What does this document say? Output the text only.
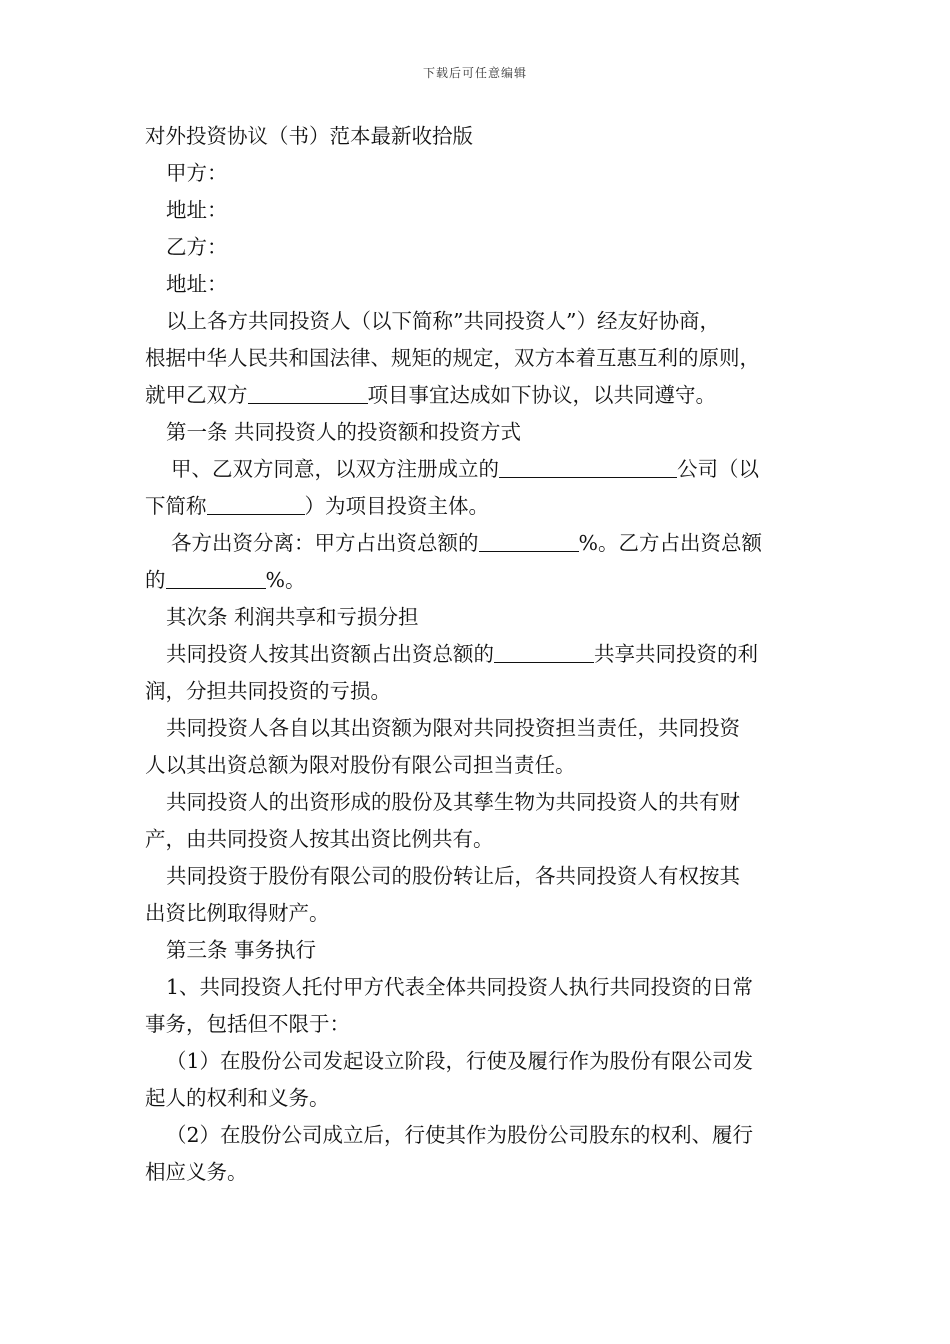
下载后可任意编辑

对外投资协议（书）范本最新收拾版

甲方：

地址：

乙方：

地址：

以上各方共同投资人（以下简称”共同投资人”）经友好协商，

根据中华人民共和国法律、规矩的规定，双方本着互惠互利的原则，

就甲乙双方	项目事宜达成如下协议，以共同遵守。

第一条 共同投资人的投资额和投资方式

甲、乙双方同意，以双方注册成立的	公司（以

下简称	）为项目投资主体。

各方出资分离：甲方占出资总额的	%。乙方占出资总额

的	%。

其次条 利润共享和亏损分担

共同投资人按其出资额占出资总额的	共享共同投资的利

润，分担共同投资的亏损。

共同投资人各自以其出资额为限对共同投资担当责任，共同投资

人以其出资总额为限对股份有限公司担当责任。

共同投资人的出资形成的股份及其孳生物为共同投资人的共有财

产，由共同投资人按其出资比例共有。

共同投资于股份有限公司的股份转让后，各共同投资人有权按其

出资比例取得财产。

第三条 事务执行

1、共同投资人托付甲方代表全体共同投资人执行共同投资的日常

事务，包括但不限于：

（1）在股份公司发起设立阶段，行使及履行作为股份有限公司发

起人的权利和义务。

（2）在股份公司成立后，行使其作为股份公司股东的权利、履行

相应义务。
